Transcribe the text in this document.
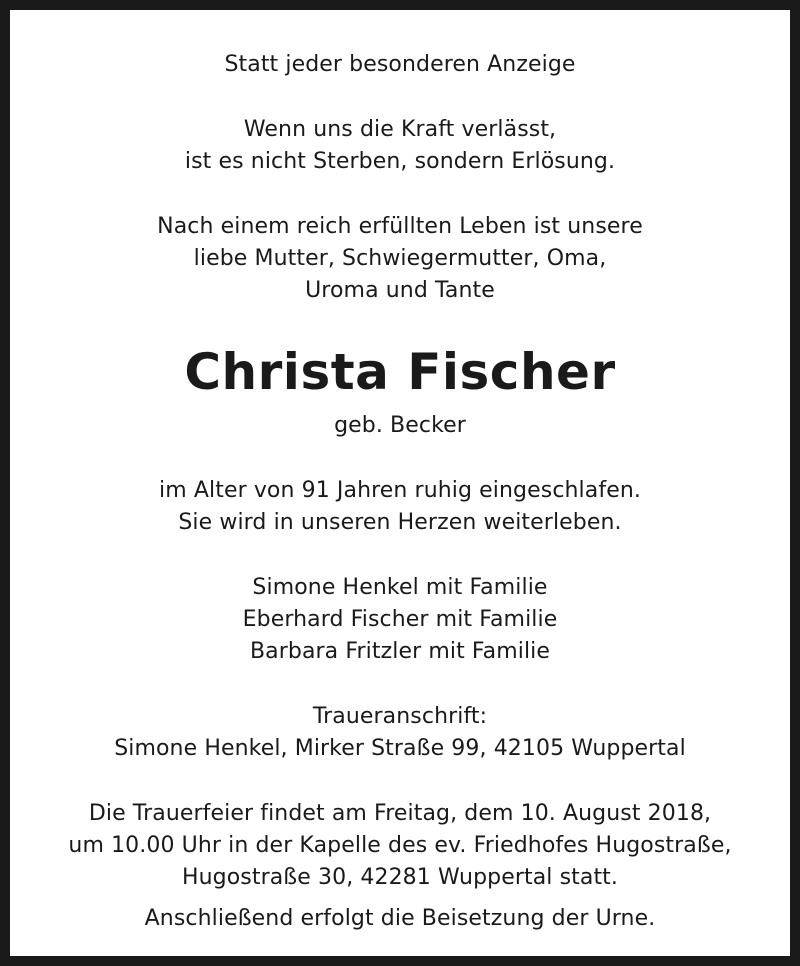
Statt jeder besonderen Anzeige
Wenn uns die Kraft verlässt,
ist es nicht Sterben, sondern Erlösung.
Nach einem reich erfüllten Leben ist unsere
liebe Mutter, Schwiegermutter, Oma,
Uroma und Tante
Christa Fischer
geb. Becker
im Alter von 91 Jahren ruhig eingeschlafen.
Sie wird in unseren Herzen weiterleben.
Simone Henkel mit Familie
Eberhard Fischer mit Familie
Barbara Fritzler mit Familie
Traueranschrift:
Simone Henkel, Mirker Straße 99, 42105 Wuppertal
Die Trauerfeier findet am Freitag, dem 10. August 2018,
um 10.00 Uhr in der Kapelle des ev. Friedhofes Hugostraße,
Hugostraße 30, 42281 Wuppertal statt.
Anschließend erfolgt die Beisetzung der Urne.
